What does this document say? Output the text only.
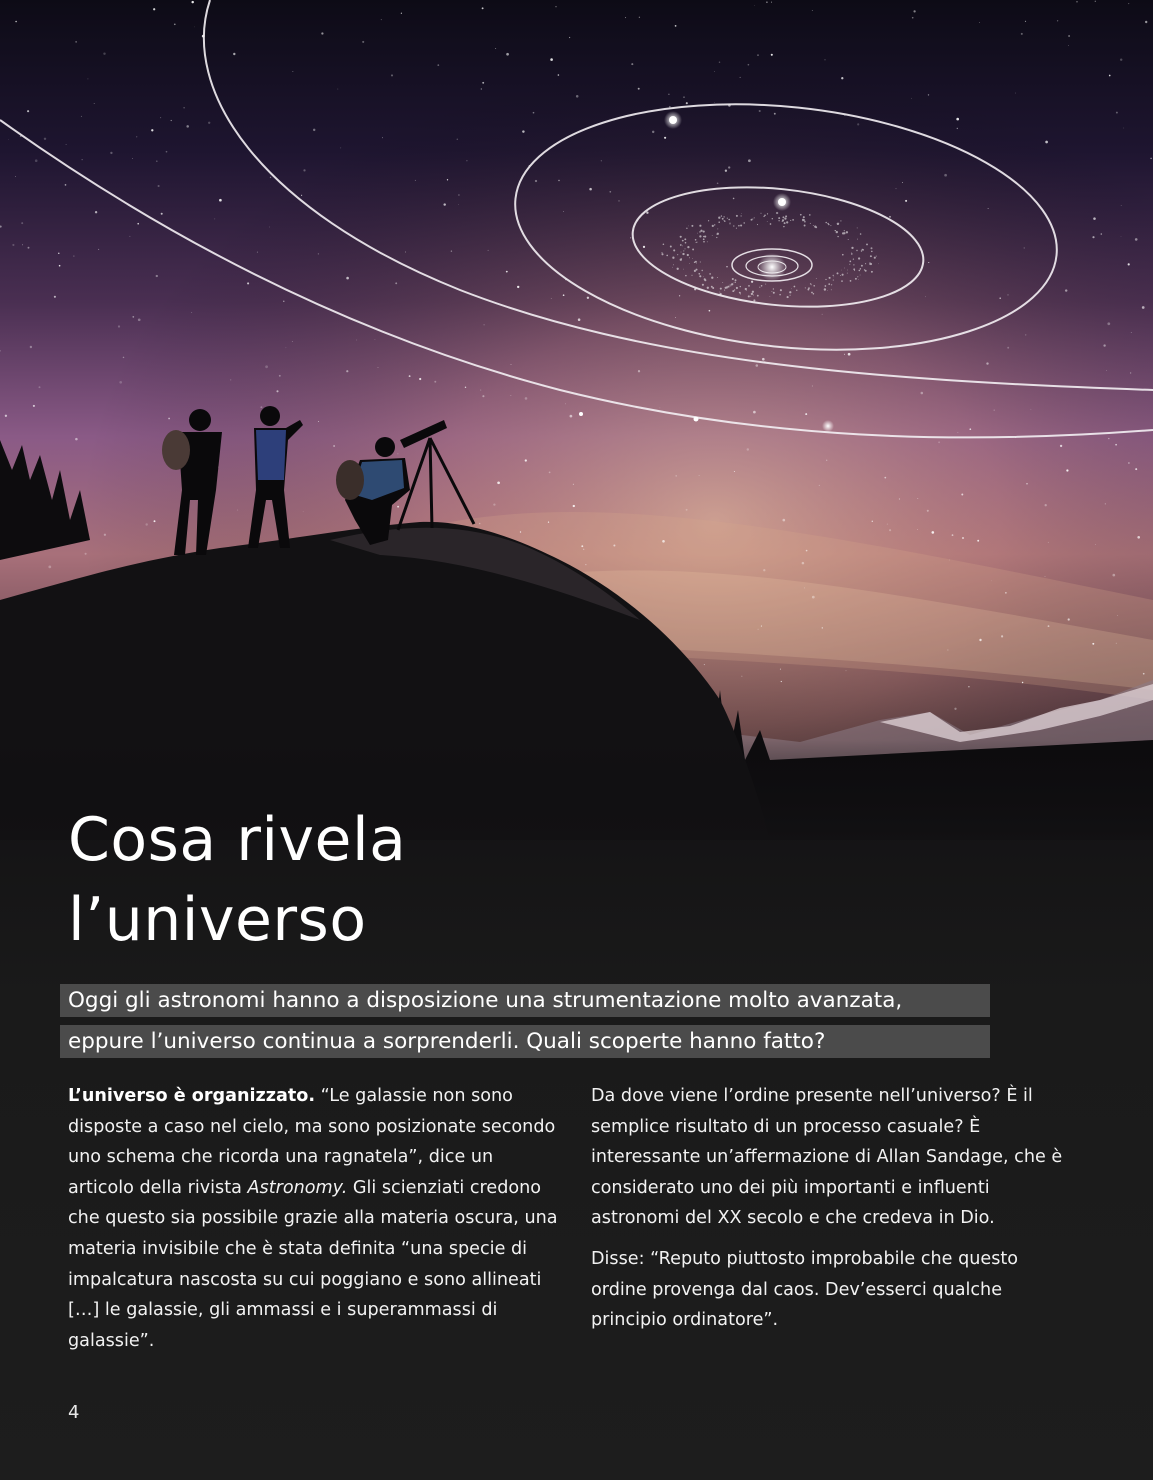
Cosa rivela
l’universo
Oggi gli astronomi hanno a disposizione una strumentazione molto avanzata,
eppure l’universo continua a sorprenderli. Quali scoperte hanno fatto?

L’universo è organizzato. “Le galassie non sono disposte a caso nel cielo, ma sono posizionate secondo uno schema che ricorda una ragnatela”, dice un articolo della rivista Astronomy. Gli scienziati credono che questo sia possibile grazie alla materia oscura, una materia invisibile che è stata definita “una specie di impalcatura nascosta su cui poggiano e sono allineati […] le galassie, gli ammassi e i superammassi di galassie”.

Da dove viene l’ordine presente nell’universo? È il semplice risultato di un processo casuale? È interessante un’affermazione di Allan Sandage, che è considerato uno dei più importanti e influenti astronomi del XX secolo e che credeva in Dio.

Disse: “Reputo piuttosto improbabile che questo ordine provenga dal caos. Dev’esserci qualche principio ordinatore”.

4
